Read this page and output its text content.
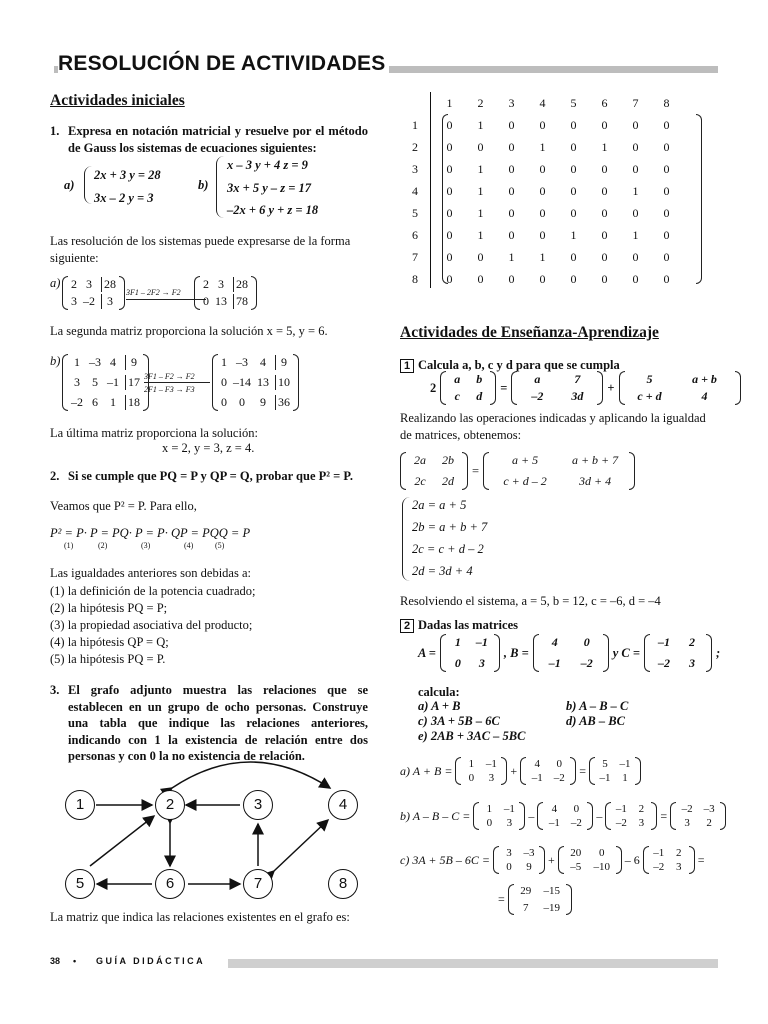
RESOLUCIÓN DE ACTIVIDADES
Actividades iniciales
1. Expresa en notación matricial y resuelve por el método de Gauss los sistemas de ecuaciones siguientes:
a)
2x + 3 y = 28
3x – 2 y = 3
b)
x – 3 y + 4 z = 9
3x + 5 y – z = 17
–2x + 6 y + z = 18
Las resolución de los sistemas puede expresarse de la forma siguiente:
a) 2 3 28
3 –2	3
3F1 – 2F2 → F2
2 3 28
0 13 78
La segunda matriz proporciona la solución x = 5, y = 6.
b) 1 –3 4	9
3 5 –1 17
–2 6 1 18
3F1 – F2 → F2
2F1 – F3 → F3
1 –3 4	9
0 –14 13 10
0	0	9 36
La última matriz proporciona la solución:
x = 2, y = 3, z = 4.
2. Si se cumple que PQ = P y QP = Q, probar que P² = P.
Veamos que P² = P. Para ello,
P² = P· P = PQ· P = P· QP = PQQ = P
(1)	(2)	(3)	(4)	(5)
Las igualdades anteriores son debidas a:
(1) la definición de la potencia cuadrado;
(2) la hipótesis PQ = P;
(3) la propiedad asociativa del producto;
(4) la hipótesis QP = Q;
(5) la hipótesis PQ = P.
3. El grafo adjunto muestra las relaciones que se establecen en un grupo de ocho personas. Construye una tabla que indique las relaciones anteriores, indicando con 1 la existencia de relación entre dos personas y con 0 la no existencia de relación.
1	2	3	4
5	6	7	8
La matriz que indica las relaciones existentes en el grafo es:
	1	2	3	4	5	6	7	8
1	0	1	0	0	0	0	0	0
2	0	0	0	1	0	1	0	0
3	0	1	0	0	0	0	0	0
4	0	1	0	0	0	0	1	0
5	0	1	0	0	0	0	0	0
6	0	1	0	0	1	0	1	0
7	0	0	1	1	0	0	0	0
8	0	0	0	0	0	0	0	0
Actividades de Enseñanza-Aprendizaje
1 Calcula a, b, c y d para que se cumpla
2
a	b
c	d
=
a	7
–2	3d
+
5	a + b
c + d	4
Realizando las operaciones indicadas y aplicando la igualdad de matrices, obtenemos:
2a	2b
2c	2d
=
a + 5	a + b + 7
c + d – 2	3d + 4
2a = a + 5
2b = a + b + 7
2c = c + d – 2
2d = 3d + 4
Resolviendo el sistema, a = 5, b = 12, c = –6, d = –4
2 Dadas las matrices
A =
1	–1
0	3
, B =
4	0
–1	–2
y C =
–1	2
–2	3
;
calcula:
a) A + B	b) A – B – C
c) 3A + 5B – 6C	d) AB – BC
e) 2AB + 3AC – 5BC
a) A + B =	1	–1
0	3
+	4	0
–1 –2
=	5	–1
–1	1
b) A – B – C =	1	–1
0	3
–	4	0
–1 –2
– –1	2
–2	3
= –2 –3
3	2
c) 3A + 5B – 6C =	3	–3
0	9
+	20	0
–5	–10
– 6 –1	2
–2	3
=
=
29	–15
7	–19
38 • GUÍA DIDÁCTICA
